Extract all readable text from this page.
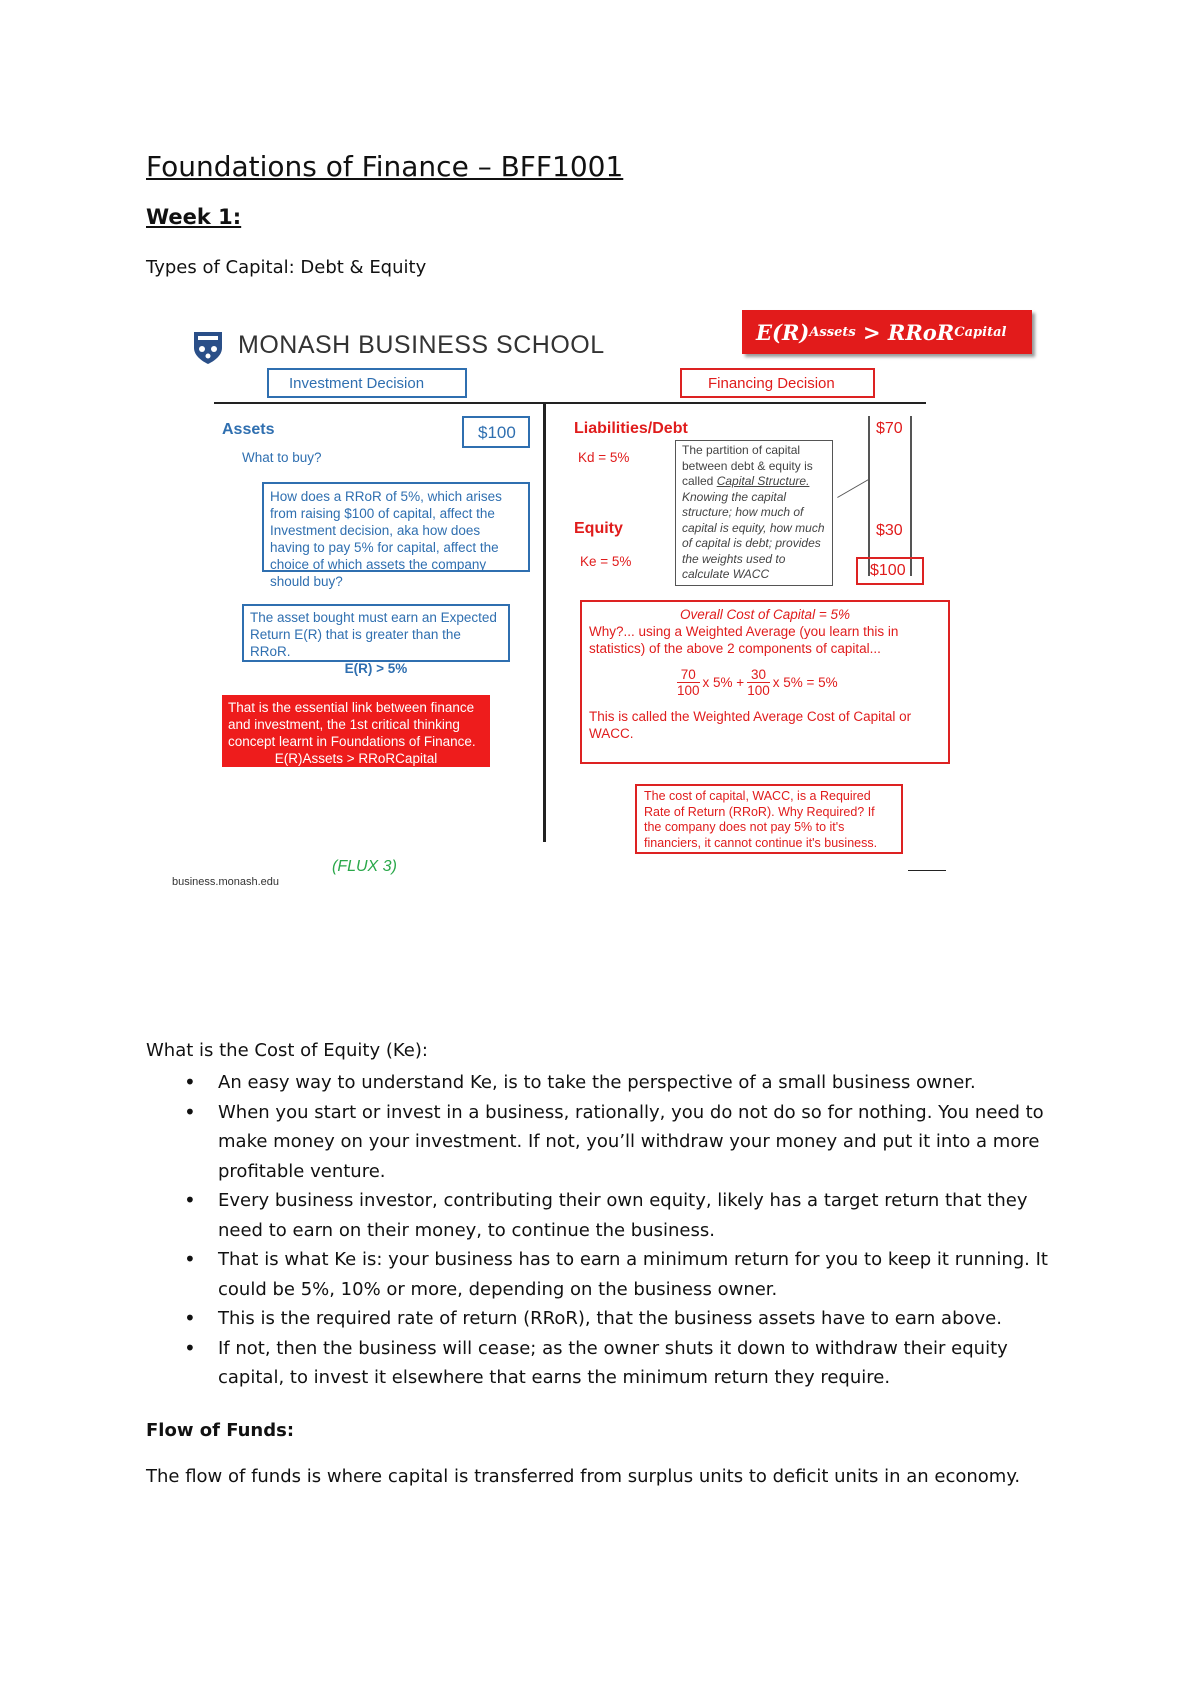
Foundations of Finance – BFF1001
Week 1:
Types of Capital: Debt & Equity
MONASH BUSINESS SCHOOL	E(R) Assets > RRoR Capital
Investment Decision	Financing Decision
Assets	$100
What to buy?
How does a RRoR of 5%, which arises from raising $100 of capital, affect the Investment decision, aka how does having to pay 5% for capital, affect the choice of which assets the company should buy?
The asset bought must earn an Expected Return E(R) that is greater than the RRoR.
E(R) > 5%
That is the essential link between finance and investment, the 1st critical thinking concept learnt in Foundations of Finance.
E(R)Assets > RRoRCapital
Liabilities/Debt
Kd = 5%
Equity
Ke = 5%
The partition of capital between debt & equity is called Capital Structure. Knowing the capital structure; how much of capital is equity, how much of capital is debt; provides the weights used to calculate WACC
$70
$30
$100
Overall Cost of Capital = 5%
Why?... using a Weighted Average (you learn this in statistics) of the above 2 components of capital...
70
100
x $5\% + \frac{30}{100}$ x 5% = 5%
This is called the Weighted Average Cost of Capital or WACC.
The cost of capital, WACC, is a Required Rate of Return (RRoR). Why Required? If the company does not pay 5% to it's financiers, it cannot continue it's business.
(FLUX 3)
business.monash.edu
What is the Cost of Equity (Ke):
• An easy way to understand Ke, is to take the perspective of a small business owner.
• When you start or invest in a business, rationally, you do not do so for nothing. You need to make money on your investment. If not, you’ll withdraw your money and put it into a more profitable venture.
• Every business investor, contributing their own equity, likely has a target return that they need to earn on their money, to continue the business.
• That is what Ke is: your business has to earn a minimum return for you to keep it running. It could be 5%, 10% or more, depending on the business owner.
• This is the required rate of return (RRoR), that the business assets have to earn above.
• If not, then the business will cease; as the owner shuts it down to withdraw their equity capital, to invest it elsewhere that earns the minimum return they require.
Flow of Funds:
The flow of funds is where capital is transferred from surplus units to deficit units in an economy.
